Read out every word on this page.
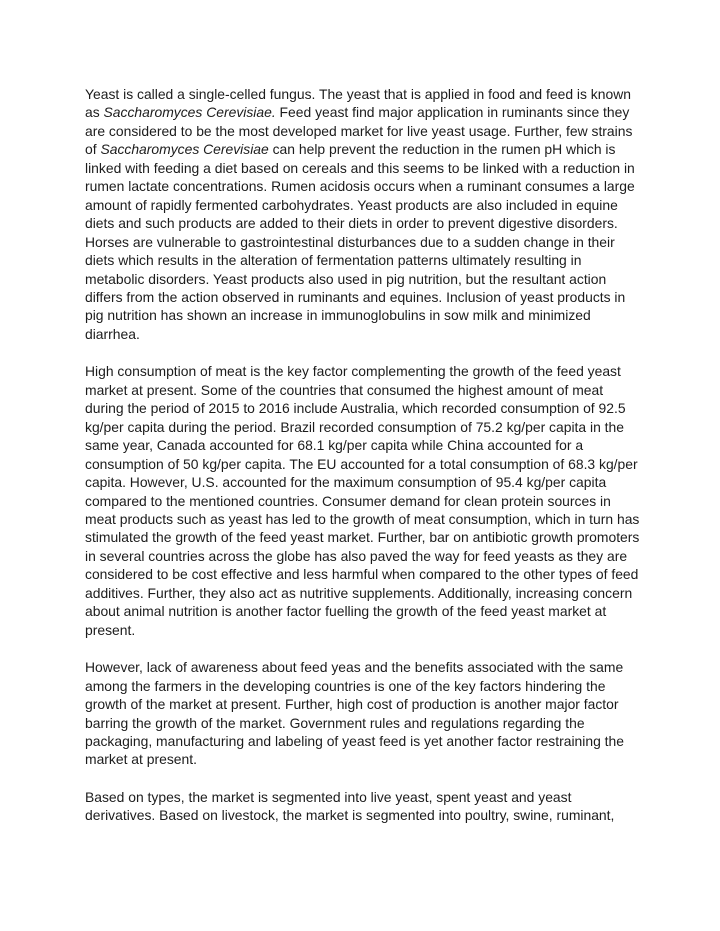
Yeast is called a single-celled fungus. The yeast that is applied in food and feed is known as Saccharomyces Cerevisiae. Feed yeast find major application in ruminants since they are considered to be the most developed market for live yeast usage. Further, few strains of Saccharomyces Cerevisiae can help prevent the reduction in the rumen pH which is linked with feeding a diet based on cereals and this seems to be linked with a reduction in rumen lactate concentrations. Rumen acidosis occurs when a ruminant consumes a large amount of rapidly fermented carbohydrates. Yeast products are also included in equine diets and such products are added to their diets in order to prevent digestive disorders. Horses are vulnerable to gastrointestinal disturbances due to a sudden change in their diets which results in the alteration of fermentation patterns ultimately resulting in metabolic disorders. Yeast products also used in pig nutrition, but the resultant action differs from the action observed in ruminants and equines. Inclusion of yeast products in pig nutrition has shown an increase in immunoglobulins in sow milk and minimized diarrhea.

High consumption of meat is the key factor complementing the growth of the feed yeast market at present. Some of the countries that consumed the highest amount of meat during the period of 2015 to 2016 include Australia, which recorded consumption of 92.5 kg/per capita during the period. Brazil recorded consumption of 75.2 kg/per capita in the same year, Canada accounted for 68.1 kg/per capita while China accounted for a consumption of 50 kg/per capita. The EU accounted for a total consumption of 68.3 kg/per capita. However, U.S. accounted for the maximum consumption of 95.4 kg/per capita compared to the mentioned countries. Consumer demand for clean protein sources in meat products such as yeast has led to the growth of meat consumption, which in turn has stimulated the growth of the feed yeast market. Further, bar on antibiotic growth promoters in several countries across the globe has also paved the way for feed yeasts as they are considered to be cost effective and less harmful when compared to the other types of feed additives. Further, they also act as nutritive supplements. Additionally, increasing concern about animal nutrition is another factor fuelling the growth of the feed yeast market at present.

However, lack of awareness about feed yeas and the benefits associated with the same among the farmers in the developing countries is one of the key factors hindering the growth of the market at present. Further, high cost of production is another major factor barring the growth of the market. Government rules and regulations regarding the packaging, manufacturing and labeling of yeast feed is yet another factor restraining the market at present.

Based on types, the market is segmented into live yeast, spent yeast and yeast derivatives. Based on livestock, the market is segmented into poultry, swine, ruminant,
